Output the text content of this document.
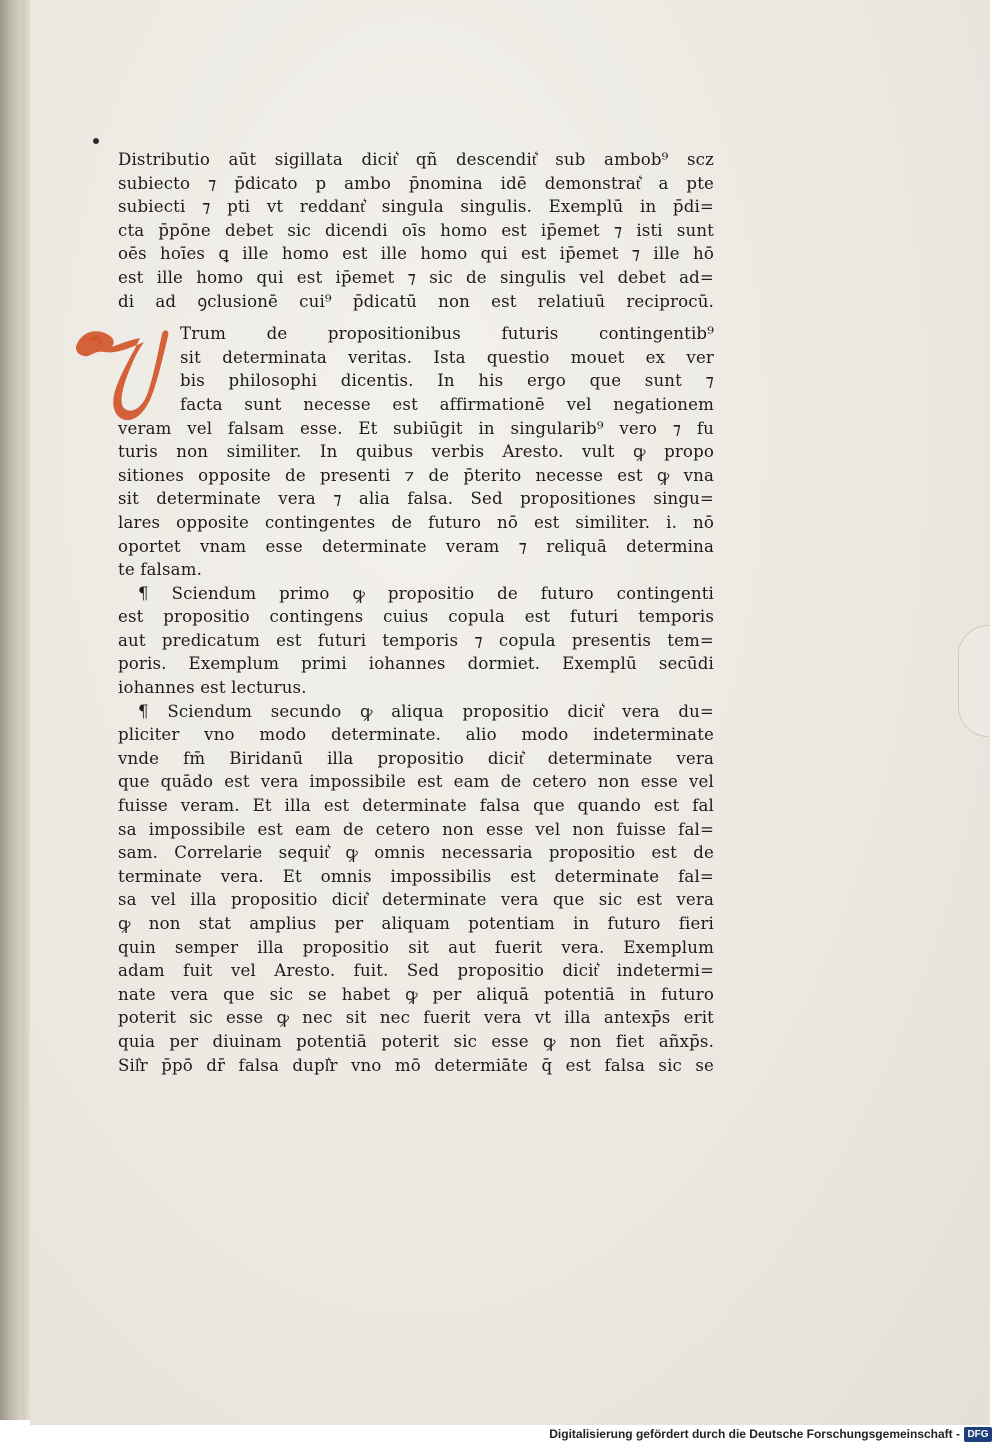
Distributio aūt sigillata dicit͛ qñ descendit͛ sub ambob⁹ scz
subiecto ⁊ p̄dicato p ambo p̄nomina idē demonstrat͛ a pte
subiecti ⁊ pti vt reddant͛ singula singulis. Exemplū in p̄di=
cta p̄pōne debet sic dicendi oīs homo est ip̄emet ⁊ isti sunt
oēs hoīes ꝗ ille homo est ille homo qui est ip̄emet ⁊ ille hō
est ille homo qui est ip̄emet ⁊ sic de singulis vel debet ad=
di ad ꝯclusionē cui⁹ p̄dicatū non est relatiuū reciprocū.
Trum de propositionibus futuris contingentib⁹
sit determinata veritas. Ista questio mouet ex ver
bis philosophi dicentis. In his ergo que sunt ⁊
facta sunt necesse est affirmationē vel negationem
veram vel falsam esse. Et subiūgit in singularib⁹ vero ⁊ fu
turis non similiter. In quibus verbis Aresto. vult ꝙ propo
sitiones opposite de presenti ⁊ de p̄terito necesse est ꝙ vna
sit determinate vera ⁊ alia falsa. Sed propositiones singu=
lares opposite contingentes de futuro nō est similiter. i. nō
oportet vnam esse determinate veram ⁊ reliquā determina
te falsam.
¶ Sciendum primo ꝙ propositio de futuro contingenti
est propositio contingens cuius copula est futuri temporis
aut predicatum est futuri temporis ⁊ copula presentis tem=
poris. Exemplum primi iohannes dormiet. Exemplū secūdi
iohannes est lecturus.
¶ Sciendum secundo ꝙ aliqua propositio dicit͛ vera du=
pliciter vno modo determinate. alio modo indeterminate
vnde fm̄ Biridanū illa propositio dicit͛ determinate vera
que quādo est vera impossibile est eam de cetero non esse vel
fuisse veram. Et illa est determinate falsa que quando est fal
sa impossibile est eam de cetero non esse vel non fuisse fal=
sam. Correlarie sequit͛ ꝙ omnis necessaria propositio est de
terminate vera. Et omnis impossibilis est determinate fal=
sa vel illa propositio dicit͛ determinate vera que sic est vera
ꝙ non stat amplius per aliquam potentiam in futuro fieri
quin semper illa propositio sit aut fuerit vera. Exemplum
adam fuit vel Aresto. fuit. Sed propositio dicit͛ indetermi=
nate vera que sic se habet ꝙ per aliquā potentiā in futuro
poterit sic esse ꝙ nec sit nec fuerit vera vt illa antexp̄s erit
quia per diuinam potentiā poterit sic esse ꝙ non fiet añxp̄s.
Sil͛r p̄pō dr̄ falsa dupl͛r vno mō determiāte q̄ est falsa sic se
Digitalisierung gefördert durch die Deutsche Forschungsgemeinschaft - DFG
